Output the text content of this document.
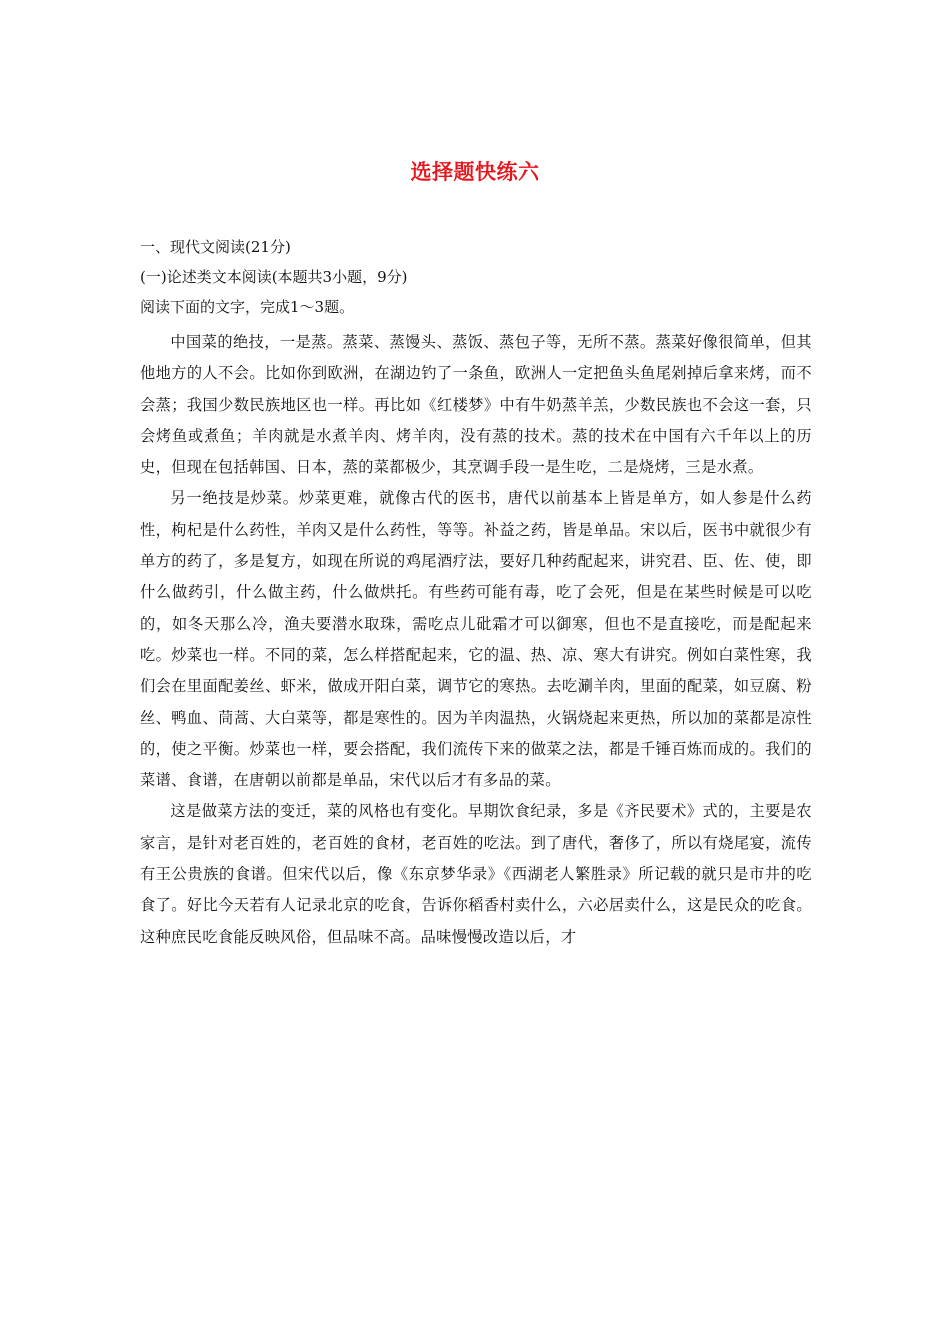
选择题快练六
一、现代文阅读(21分)
(一)论述类文本阅读(本题共3小题，9分)
阅读下面的文字，完成1～3题。

中国菜的绝技，一是蒸。蒸菜、蒸馒头、蒸饭、蒸包子等，无所不蒸。蒸菜好像很简单，但其他地方的人不会。比如你到欧洲，在湖边钓了一条鱼，欧洲人一定把鱼头鱼尾剁掉后拿来烤，而不会蒸；我国少数民族地区也一样。再比如《红楼梦》中有牛奶蒸羊羔，少数民族也不会这一套，只会烤鱼或煮鱼；羊肉就是水煮羊肉、烤羊肉，没有蒸的技术。蒸的技术在中国有六千年以上的历史，但现在包括韩国、日本，蒸的菜都极少，其烹调手段一是生吃，二是烧烤，三是水煮。

另一绝技是炒菜。炒菜更难，就像古代的医书，唐代以前基本上皆是单方，如人参是什么药性，枸杞是什么药性，羊肉又是什么药性，等等。补益之药，皆是单品。宋以后，医书中就很少有单方的药了，多是复方，如现在所说的鸡尾酒疗法，要好几种药配起来，讲究君、臣、佐、使，即什么做药引，什么做主药，什么做烘托。有些药可能有毒，吃了会死，但是在某些时候是可以吃的，如冬天那么冷，渔夫要潜水取珠，需吃点儿砒霜才可以御寒，但也不是直接吃，而是配起来吃。炒菜也一样。不同的菜，怎么样搭配起来，它的温、热、凉、寒大有讲究。例如白菜性寒，我们会在里面配姜丝、虾米，做成开阳白菜，调节它的寒热。去吃涮羊肉，里面的配菜，如豆腐、粉丝、鸭血、茼蒿、大白菜等，都是寒性的。因为羊肉温热，火锅烧起来更热，所以加的菜都是凉性的，使之平衡。炒菜也一样，要会搭配，我们流传下来的做菜之法，都是千锤百炼而成的。我们的菜谱、食谱，在唐朝以前都是单品，宋代以后才有多品的菜。

这是做菜方法的变迁，菜的风格也有变化。早期饮食纪录，多是《齐民要术》式的，主要是农家言，是针对老百姓的，老百姓的食材，老百姓的吃法。到了唐代，奢侈了，所以有烧尾宴，流传有王公贵族的食谱。但宋代以后，像《东京梦华录》《西湖老人繁胜录》所记载的就只是市井的吃食了。好比今天若有人记录北京的吃食，告诉你稻香村卖什么，六必居卖什么，这是民众的吃食。这种庶民吃食能反映风俗，但品味不高。品味慢慢改造以后，才
